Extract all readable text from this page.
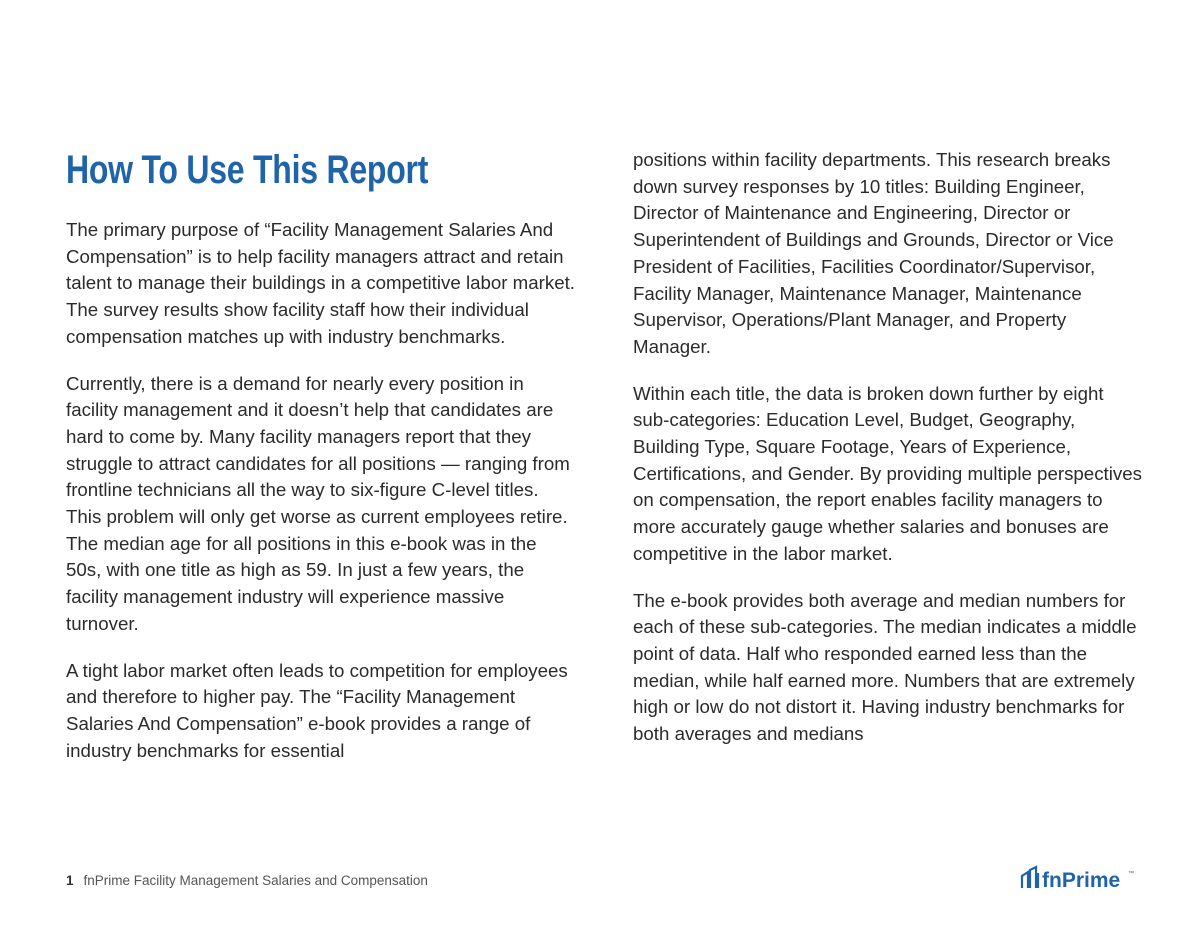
How To Use This Report

The primary purpose of “Facility Management Salaries And Compensation” is to help facility managers attract and retain talent to manage their buildings in a competitive labor market. The survey results show facility staff how their individual compensation matches up with industry benchmarks.

Currently, there is a demand for nearly every position in facility management and it doesn’t help that candidates are hard to come by. Many facility managers report that they struggle to attract candidates for all positions — ranging from frontline technicians all the way to six-figure C-level titles. This problem will only get worse as current employees retire. The median age for all positions in this e-book was in the 50s, with one title as high as 59. In just a few years, the facility management industry will experience massive turnover.

A tight labor market often leads to competition for employees and therefore to higher pay. The “Facility Management Salaries And Compensation” e-book provides a range of industry benchmarks for essential

positions within facility departments. This research breaks down survey responses by 10 titles: Building Engineer, Director of Maintenance and Engineering, Director or Superintendent of Buildings and Grounds, Director or Vice President of Facilities, Facilities Coordinator/Supervisor, Facility Manager, Maintenance Manager, Maintenance Supervisor, Operations/Plant Manager, and Property Manager.

Within each title, the data is broken down further by eight sub-categories: Education Level, Budget, Geography, Building Type, Square Footage, Years of Experience, Certifications, and Gender. By providing multiple perspectives on compensation, the report enables facility managers to more accurately gauge whether salaries and bonuses are competitive in the labor market.

The e-book provides both average and median numbers for each of these sub-categories. The median indicates a middle point of data. Half who responded earned less than the median, while half earned more. Numbers that are extremely high or low do not distort it. Having industry benchmarks for both averages and medians

1 fnPrime Facility Management Salaries and Compensation	fnPrime ™
